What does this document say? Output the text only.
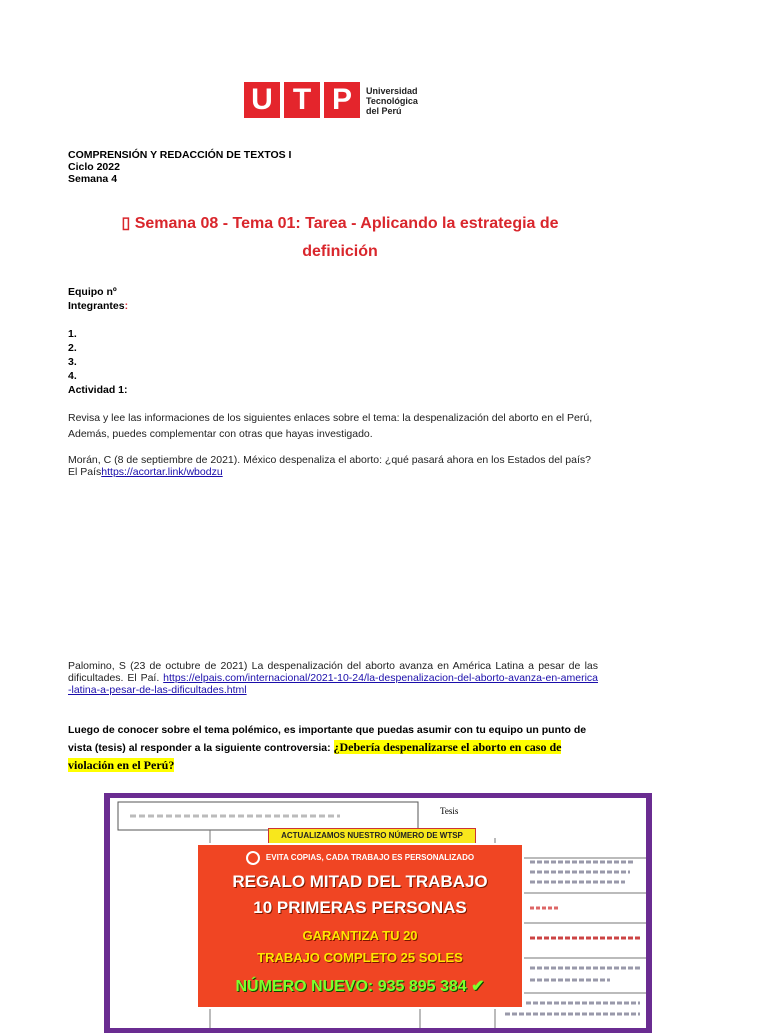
U T P	Universidad
Tecnológica
del Perú
COMPRENSIÓN Y REDACCIÓN DE TEXTOS I
Ciclo 2022
Semana 4
▯ Semana 08 - Tema 01: Tarea - Aplicando la estrategia de
definición
Equipo nº
Integrantes:
1.
2.
3.
4.
Actividad 1:
Revisa y lee las informaciones de los siguientes enlaces sobre el tema: la despenalización del aborto en el Perú, Además, puedes complementar con otras que hayas investigado.
Morán, C (8 de septiembre de 2021). México despenaliza el aborto: ¿qué pasará ahora en los Estados del país?
El Paíshttps://acortar.link/wbodzu
Palomino, S (23 de octubre de 2021) La despenalización del aborto avanza en América Latina a pesar de las dificultades. El Paí. https://elpais.com/internacional/2021-10-24/la-despenalizacion-del-aborto-avanza-en-america-latina-a-pesar-de-las-dificultades.html
Luego de conocer sobre el tema polémico, es importante que puedas asumir con tu equipo un punto de vista (tesis) al responder a la siguiente controversia: ¿Debería despenalizarse el aborto en caso de violación en el Perú?
Tesis
ACTUALIZAMOS NUESTRO NÚMERO DE WTSP
EVITA COPIAS, CADA TRABAJO ES PERSONALIZADO
REGALO MITAD DEL TRABAJO
10 PRIMERAS PERSONAS
GARANTIZA TU 20
TRABAJO COMPLETO 25 SOLES
NÚMERO NUEVO: 935 895 384 ✔
